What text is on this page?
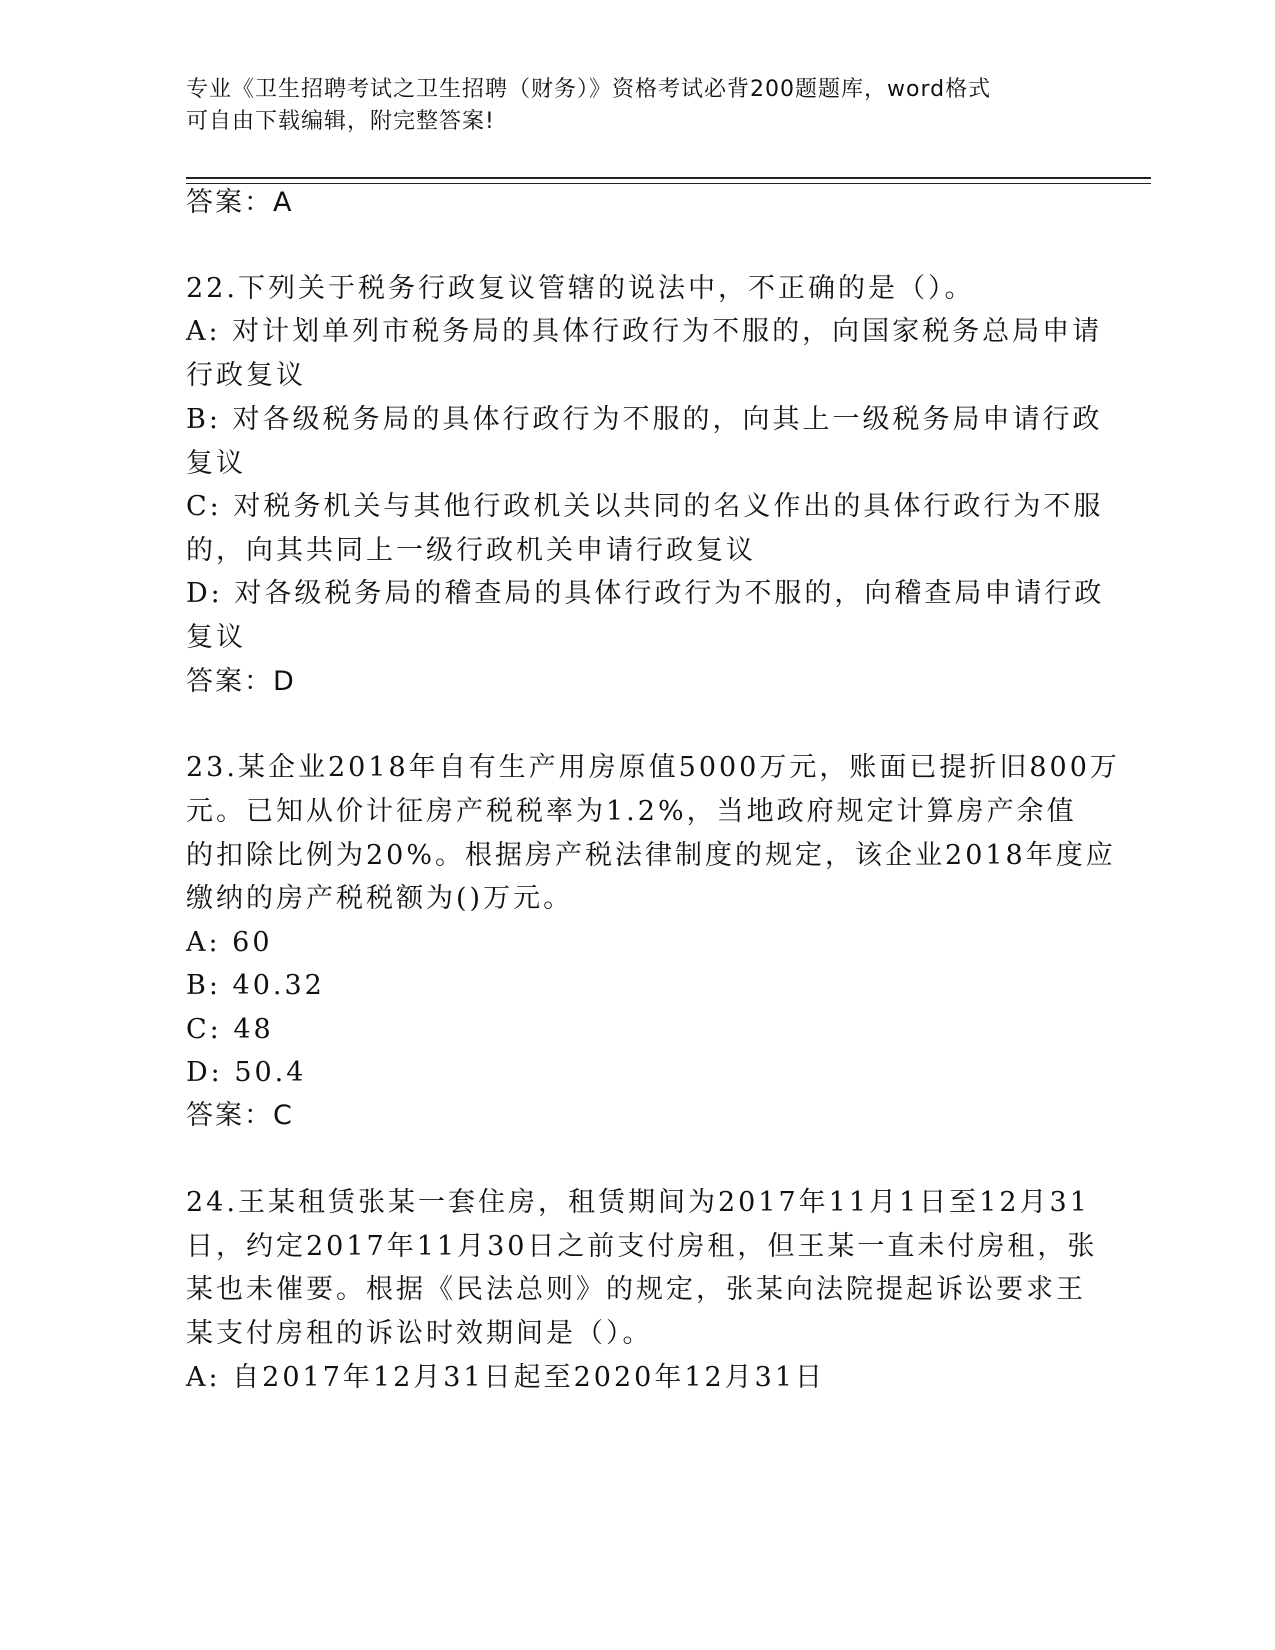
专业《卫生招聘考试之卫生招聘（财务）》资格考试必背200题题库，word格式
可自由下载编辑，附完整答案!
答案：A
22.下列关于税务行政复议管辖的说法中，不正确的是（）。
A: 对计划单列市税务局的具体行政行为不服的，向国家税务总局申请
行政复议
B: 对各级税务局的具体行政行为不服的，向其上一级税务局申请行政
复议
C: 对税务机关与其他行政机关以共同的名义作出的具体行政行为不服
的，向其共同上一级行政机关申请行政复议
D: 对各级税务局的稽查局的具体行政行为不服的，向稽查局申请行政
复议
答案：D
23.某企业2018年自有生产用房原值5000万元，账面已提折旧800万
元。已知从价计征房产税税率为1.2%，当地政府规定计算房产余值
的扣除比例为20%。根据房产税法律制度的规定，该企业2018年度应
缴纳的房产税税额为()万元。
A: 60
B: 40.32
C: 48
D: 50.4
答案：C
24.王某租赁张某一套住房，租赁期间为2017年11月1日至12月31
日，约定2017年11月30日之前支付房租，但王某一直未付房租，张
某也未催要。根据《民法总则》的规定，张某向法院提起诉讼要求王
某支付房租的诉讼时效期间是（）。
A: 自2017年12月31日起至2020年12月31日
